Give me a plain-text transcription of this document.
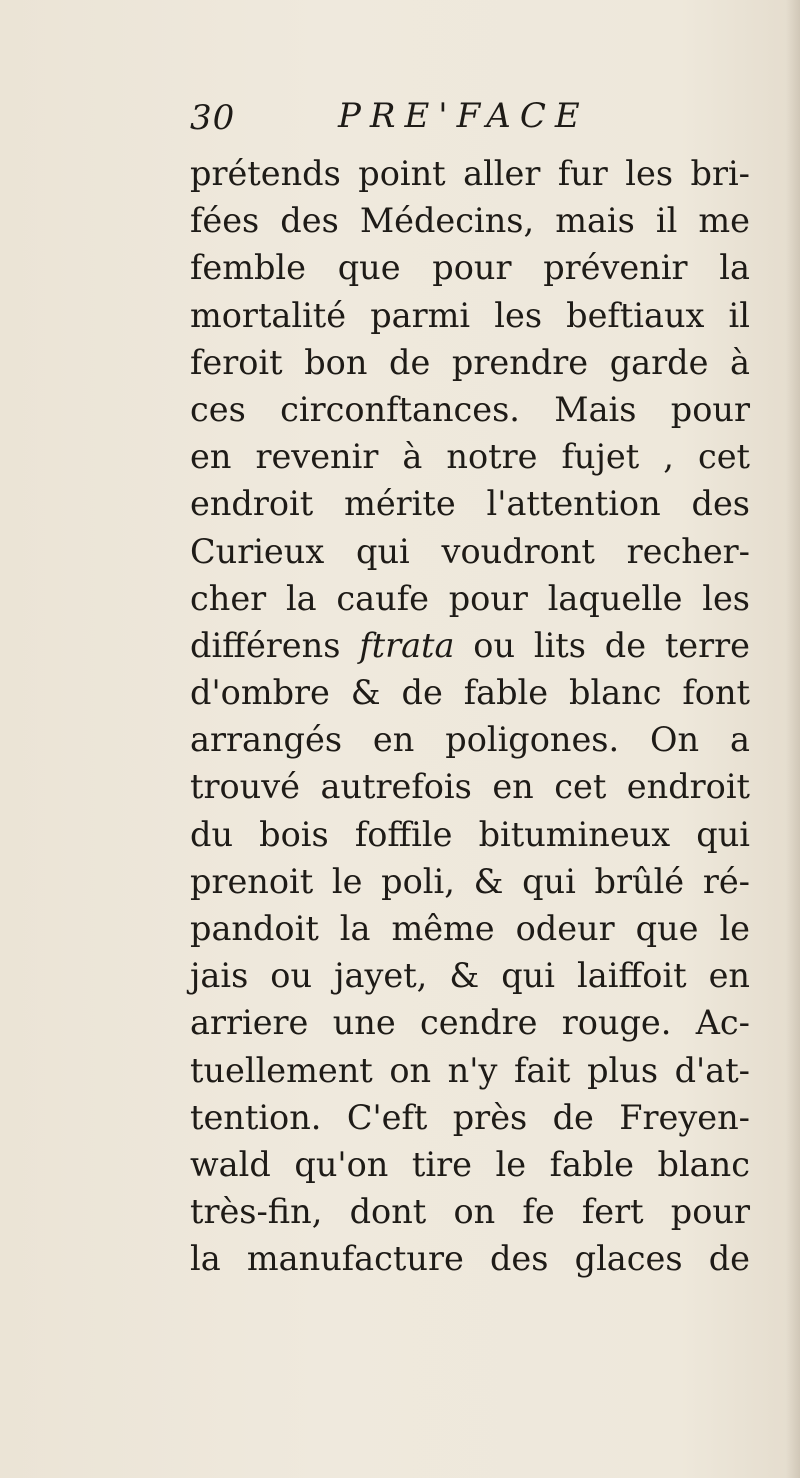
30	PRE'FACE
prétends point aller fur les bri-
fées des Médecins, mais il me
femble que pour prévenir la
mortalité parmi les beftiaux il
feroit bon de prendre garde à
ces circonftances. Mais pour
en revenir à notre fujet , cet
endroit mérite l'attention des
Curieux qui voudront recher-
cher la caufe pour laquelle les
différens ftrata ou lits de terre
d'ombre & de fable blanc font
arrangés en poligones. On a
trouvé autrefois en cet endroit
du bois foffile bitumineux qui
prenoit le poli, & qui brûlé ré-
pandoit la même odeur que le
jais ou jayet, & qui laiffoit en
arriere une cendre rouge. Ac-
tuellement on n'y fait plus d'at-
tention. C'eft près de Freyen-
wald qu'on tire le fable blanc
très-fin, dont on fe fert pour
la manufacture des glaces de
